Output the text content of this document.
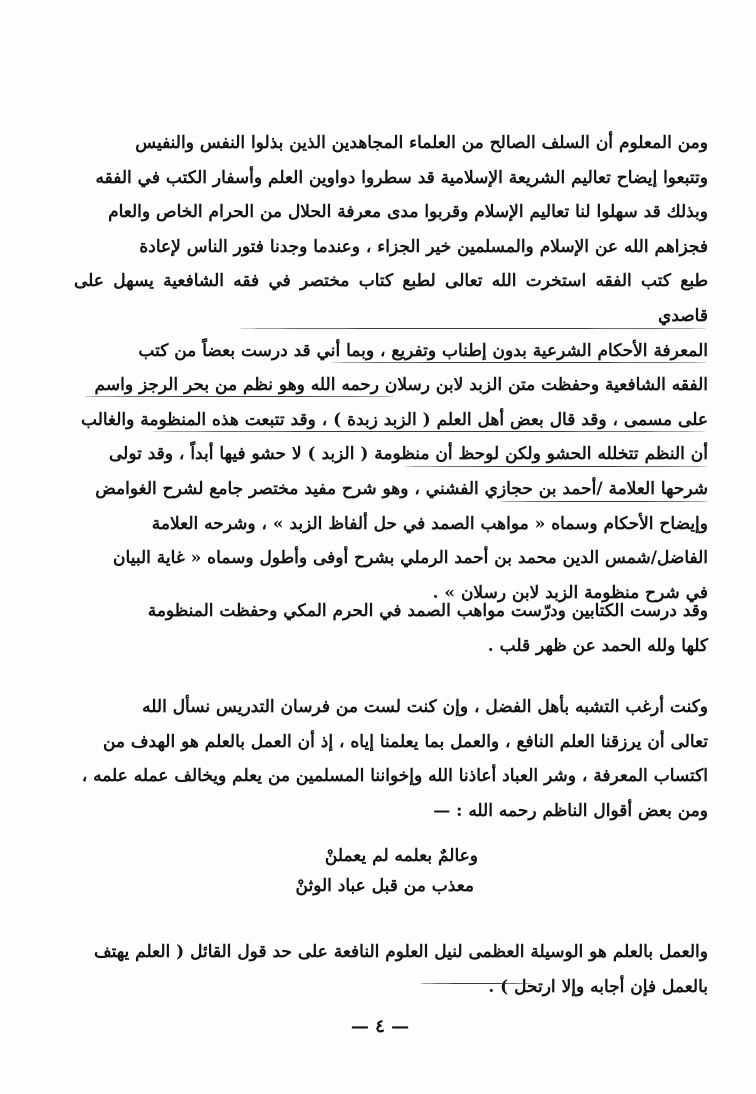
ومن المعلوم أن السلف الصالح من العلماء المجاهدين الذين بذلوا النفس والنفيس
وتتبعوا إيضاح تعاليم الشريعة الإسلامية قد سطروا دواوين العلم وأسفار الكتب في الفقه
وبذلك قد سهلوا لنا تعاليم الإسلام وقربوا مدى معرفة الحلال من الحرام الخاص والعام
فجزاهم الله عن الإسلام والمسلمين خير الجزاء ، وعندما وجدنا فتور الناس لإعادة
طبع كتب الفقه استخرت الله تعالى لطبع كتاب مختصر في فقه الشافعية يسهل على قاصدي
المعرفة الأحكام الشرعية بدون إطناب وتفريع ، وبما أني قد درست بعضاً من كتب
الفقه الشافعية وحفظت متن الزبد لابن رسلان رحمه الله وهو نظم من بحر الرجز واسم
على مسمى ، وقد قال بعض أهل العلم ( الزبد زبدة ) ، وقد تتبعت هذه المنظومة والغالب
أن النظم تتخلله الحشو ولكن لوحظ أن منظومة ( الزبد ) لا حشو فيها أبداً ، وقد تولى
شرحها العلامة /أحمد بن حجازي الفشني ، وهو شرح مفيد مختصر جامع لشرح الغوامض
وإيضاح الأحكام وسماه « مواهب الصمد في حل ألفاظ الزبد » ، وشرحه العلامة
الفاضل/شمس الدين محمد بن أحمد الرملي بشرح أوفى وأطول وسماه « غاية البيان
في شرح منظومة الزبد لابن رسلان » .

وقد درست الكتابين ودرّست مواهب الصمد في الحرم المكي وحفظت المنظومة
كلها ولله الحمد عن ظهر قلب .

وكنت أرغب التشبه بأهل الفضل ، وإن كنت لست من فرسان التدريس نسأل الله
تعالى أن يرزقنا العلم النافع ، والعمل بما يعلمنا إياه ، إذ أن العمل بالعلم هو الهدف من
اكتساب المعرفة ، وشر العباد أعاذنا الله وإخواننا المسلمين من يعلم ويخالف عمله علمه ،
ومن بعض أقوال الناظم رحمه الله : —

وعالمٌ بعلمه لم يعملنْ
معذب من قبل عباد الوثنْ

والعمل بالعلم هو الوسيلة العظمى لنيل العلوم النافعة على حد قول القائل ( العلم يهتف
بالعمل فإن أجابه وإلا ارتحل ) .

— ٤ —
